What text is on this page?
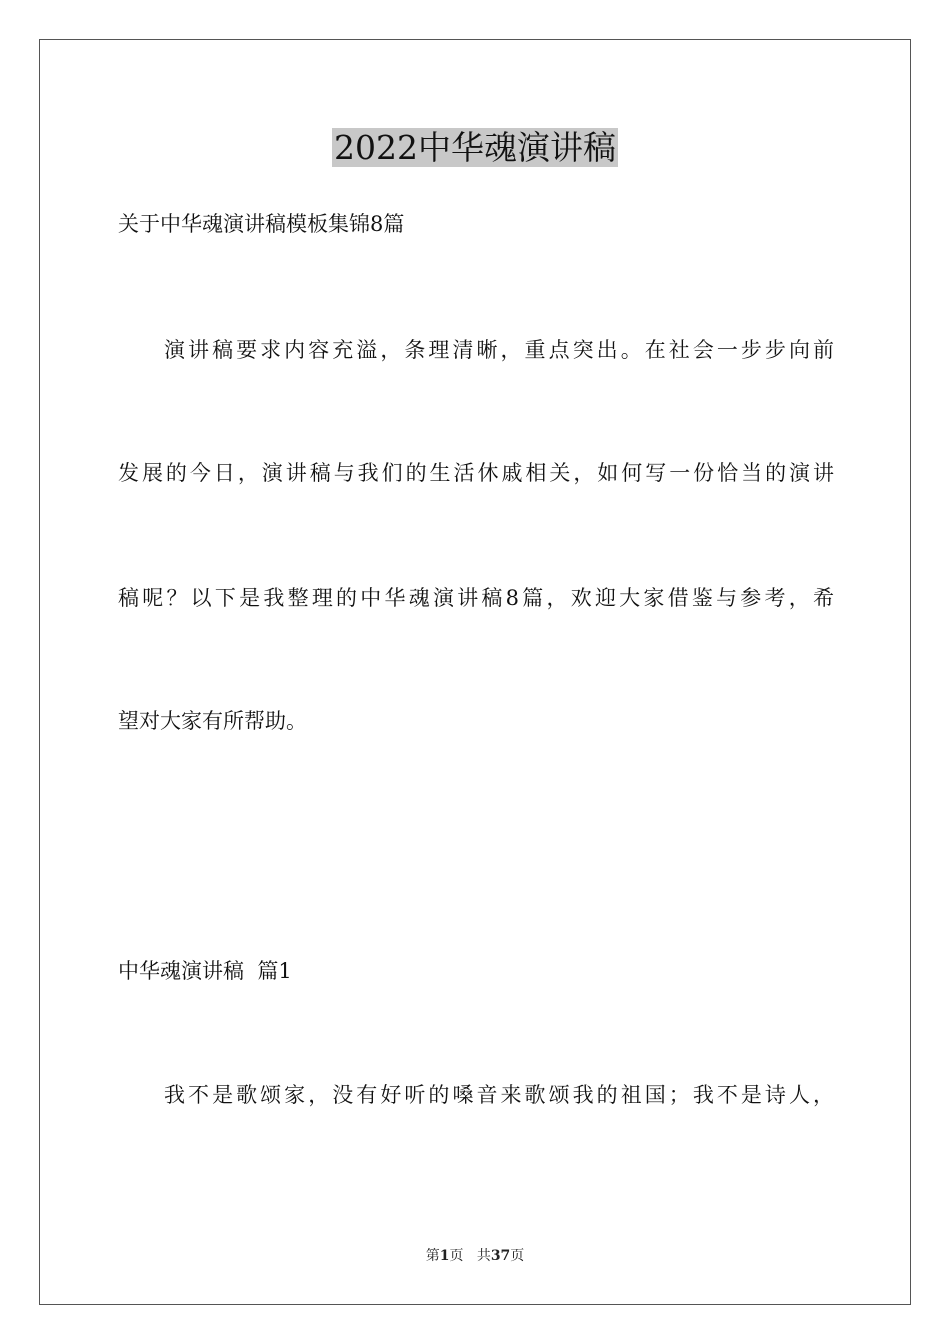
2022中华魂演讲稿

关于中华魂演讲稿模板集锦8篇

演讲稿要求内容充溢，条理清晰，重点突出。在社会一步步向前

发展的今日，演讲稿与我们的生活休戚相关，如何写一份恰当的演讲

稿呢？以下是我整理的中华魂演讲稿8篇，欢迎大家借鉴与参考，希

望对大家有所帮助。

中华魂演讲稿  篇1

我不是歌颂家，没有好听的嗓音来歌颂我的祖国；我不是诗人，

第1页 共37页
